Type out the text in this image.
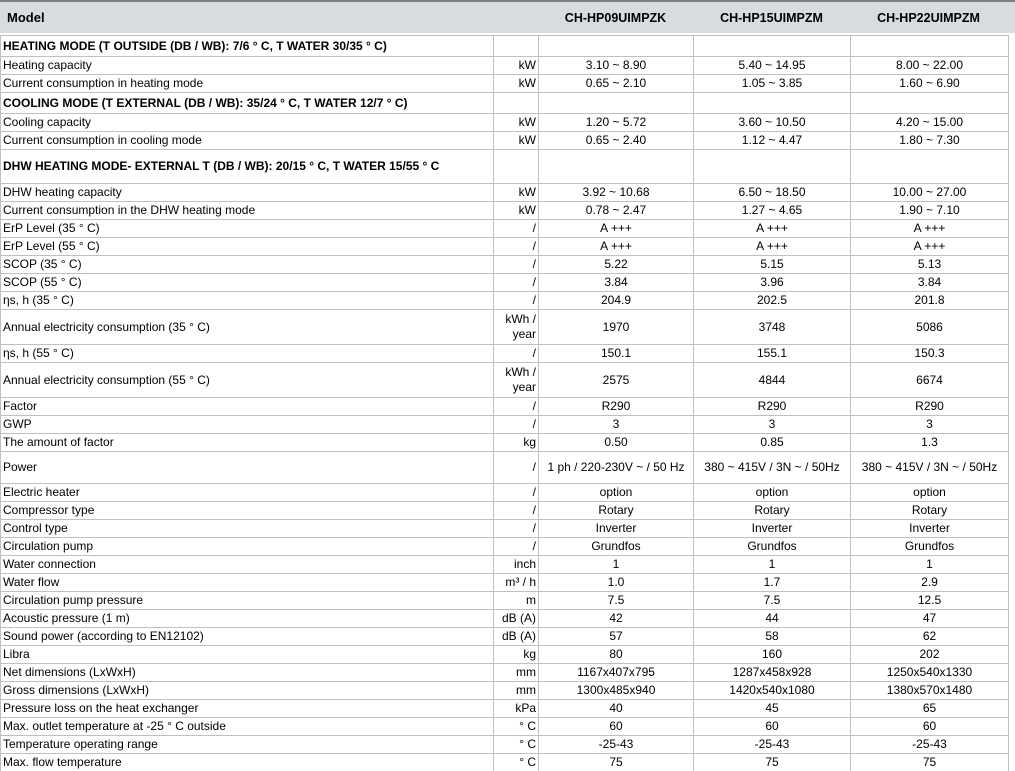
Model	CH-HP09UIMPZK	CH-HP15UIMPZM	CH-HP22UIMPZM
HEATING MODE (T OUTSIDE (DB / WB): 7/6 ° C, T WATER 30/35 ° C)				
Heating capacity	kW	3.10 ~ 8.90	5.40 ~ 14.95	8.00 ~ 22.00
Current consumption in heating mode	kW	0.65 ~ 2.10	1.05 ~ 3.85	1.60 ~ 6.90
COOLING MODE (T EXTERNAL (DB / WB): 35/24 ° C, T WATER 12/7 ° C)				
Cooling capacity	kW	1.20 ~ 5.72	3.60 ~ 10.50	4.20 ~ 15.00
Current consumption in cooling mode	kW	0.65 ~ 2.40	1.12 ~ 4.47	1.80 ~ 7.30
DHW HEATING MODE- EXTERNAL T (DB / WB): 20/15 ° C, T WATER 15/55 ° C				
DHW heating capacity	kW	3.92 ~ 10.68	6.50 ~ 18.50	10.00 ~ 27.00
Current consumption in the DHW heating mode	kW	0.78 ~ 2.47	1.27 ~ 4.65	1.90 ~ 7.10
ErP Level (35 ° C)	/	A +++	A +++	A +++
ErP Level (55 ° C)	/	A +++	A +++	A +++
SCOP (35 ° C)	/	5.22	5.15	5.13
SCOP (55 ° C)	/	3.84	3.96	3.84
ηs, h (35 ° C)	/	204.9	202.5	201.8
Annual electricity consumption (35 ° C)	kWh / year	1970	3748	5086
ηs, h (55 ° C)	/	150.1	155.1	150.3
Annual electricity consumption (55 ° C)	kWh / year	2575	4844	6674
Factor	/	R290	R290	R290
GWP	/	3	3	3
The amount of factor	kg	0.50	0.85	1.3
Power	/	1 ph / 220-230V ~ / 50 Hz	380 ~ 415V / 3N ~ / 50Hz	380 ~ 415V / 3N ~ / 50Hz
Electric heater	/	option	option	option
Compressor type	/	Rotary	Rotary	Rotary
Control type	/	Inverter	Inverter	Inverter
Circulation pump	/	Grundfos	Grundfos	Grundfos
Water connection	inch	1	1	1
Water flow	m³ / h	1.0	1.7	2.9
Circulation pump pressure	m	7.5	7.5	12.5
Acoustic pressure (1 m)	dB (A)	42	44	47
Sound power (according to EN12102)	dB (A)	57	58	62
Libra	kg	80	160	202
Net dimensions (LxWxH)	mm	1167x407x795	1287x458x928	1250x540x1330
Gross dimensions (LxWxH)	mm	1300x485x940	1420x540x1080	1380x570x1480
Pressure loss on the heat exchanger	kPa	40	45	65
Max. outlet temperature at -25 ° C outside	° C	60	60	60
Temperature operating range	° C	-25-43	-25-43	-25-43
Max. flow temperature	° C	75	75	75
